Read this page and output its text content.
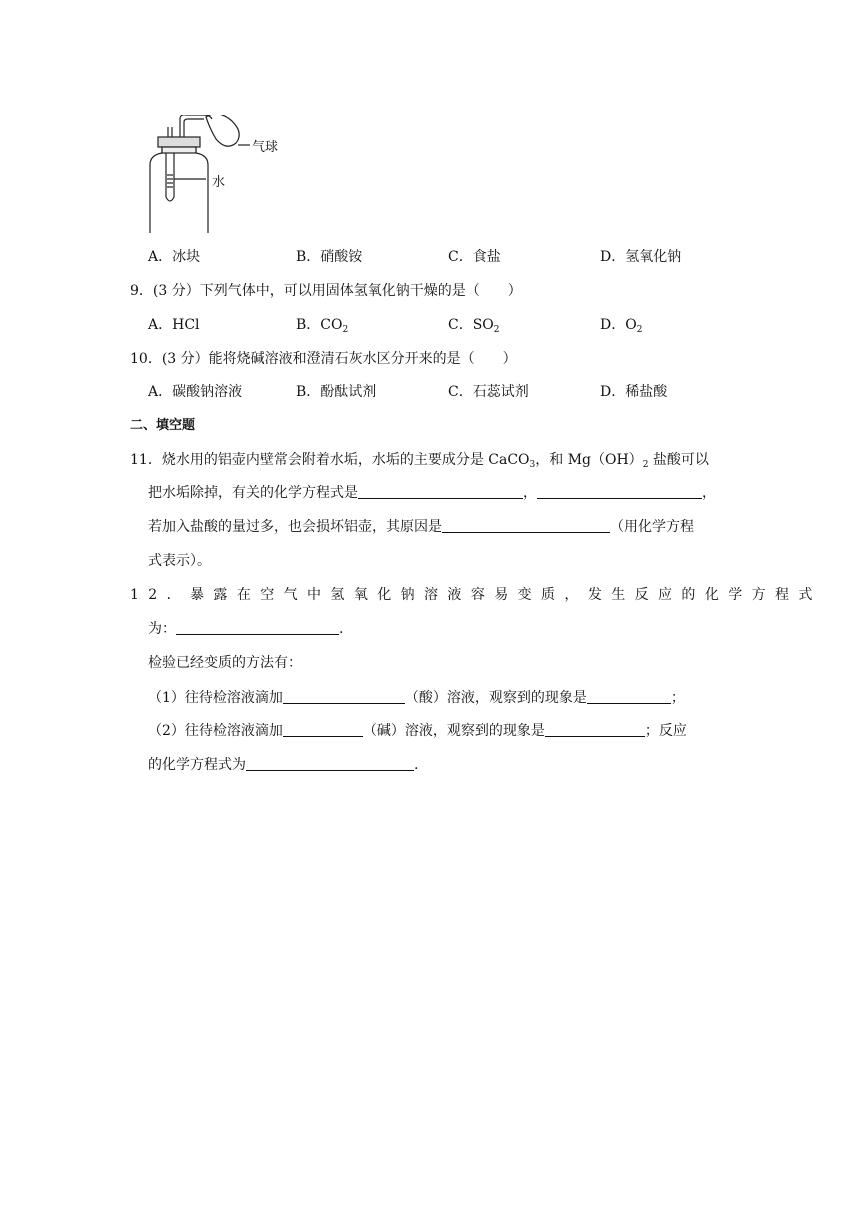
气球
水
A．冰块	B．硝酸铵	C．食盐	D．氢氧化钠
9．(3 分）下列气体中，可以用固体氢氧化钠干燥的是（　　）
A．HCl	B．$CO_2$	C．$SO_2$	D．$O_2$
10．(3 分）能将烧碱溶液和澄清石灰水区分开来的是（　　）
A．碳酸钠溶液	B．酚酞试剂	C．石蕊试剂	D．稀盐酸
二、填空题
11．烧水用的铝壶内壁常会附着水垢，水垢的主要成分是 CaCO$_3$，和 $Mg(OH)_2$ 盐酸可以
把水垢除掉，有关的化学方程式是	，	，
若加入盐酸的量过多，也会损坏铝壶，其原因是	（用化学方程
式表示）。
12．暴露在空气中氢氧化钠溶液容易变质，发生反应的化学方程式
为：	.
检验已经变质的方法有：
（1）往待检溶液滴加	（酸）溶液，观察到的现象是	；
（2）往待检溶液滴加	（碱）溶液，观察到的现象是	；反应
的化学方程式为	.
